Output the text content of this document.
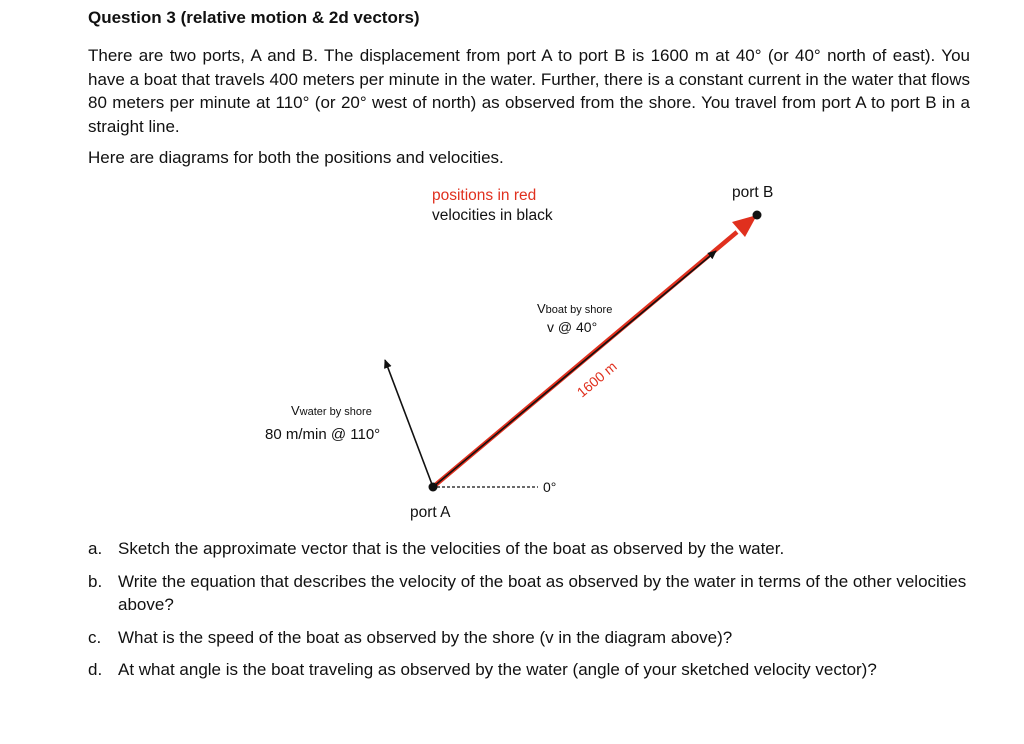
Question 3 (relative motion & 2d vectors)

There are two ports, A and B. The displacement from port A to port B is 1600 m at 40° (or 40° north of east). You have a boat that travels 400 meters per minute in the water. Further, there is a constant current in the water that flows 80 meters per minute at 110° (or 20° west of north) as observed from the shore. You travel from port A to port B in a straight line.

Here are diagrams for both the positions and velocities.

positions in red
velocities in black
0°
port A
port B
Vboat by shore
v @ 40°
1600 m
Vwater by shore
80 m/min @ 110°
a. Sketch the approximate vector that is the velocities of the boat as observed by the water.
b. Write the equation that describes the velocity of the boat as observed by the water in terms of the other velocities above?
c. What is the speed of the boat as observed by the shore (v in the diagram above)?
d. At what angle is the boat traveling as observed by the water (angle of your sketched velocity vector)?
